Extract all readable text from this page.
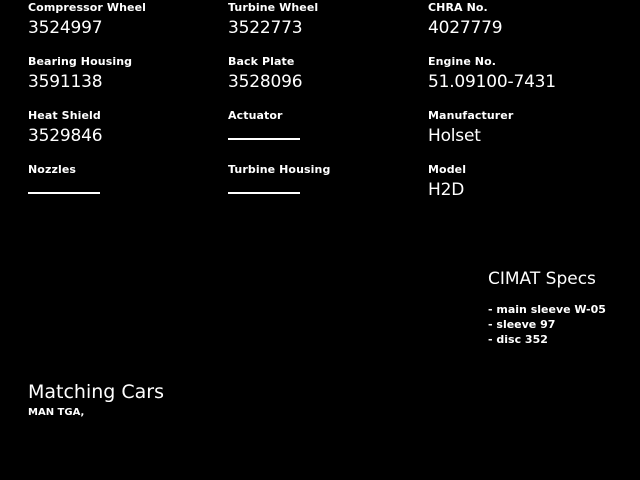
Compressor Wheel
3524997
Bearing Housing
3591138
Heat Shield
3529846
Nozzles
Turbine Wheel
3522773
Back Plate
3528096
Actuator
Turbine Housing
CHRA No.
4027779
Engine No.
51.09100-7431
Manufacturer
Holset
Model
H2D
CIMAT Specs
- main sleeve W-05
- sleeve 97
- disc 352
Matching Cars
MAN TGA,
